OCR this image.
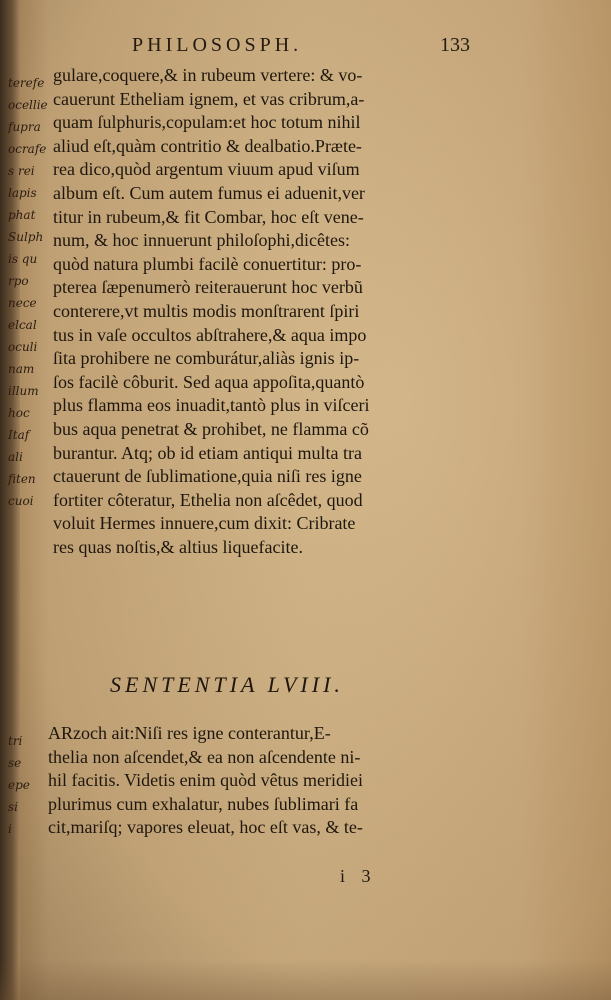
terefe
ocellie
fupra
ocrafe
s rei
lapis
phat
Sulph
is qu
rpo
nece
elcal
oculi
nam
illum
hoc
Itaf
ali
fiten
cuoi
tri
se
epe
si
i
PHILOSOSPH.	133
gulare,coquere,& in rubeum vertere: & vo-
cauerunt Etheliam ignem, et vas cribrum,a-
quam ſulphuris,copulam:et hoc totum nihil
aliud eſt,quàm contritio & dealbatio.Præte-
rea dico,quòd argentum viuum apud viſum
album eſt. Cum autem fumus ei aduenit,ver
titur in rubeum,& fit Combar, hoc eſt vene-
num, & hoc innuerunt philoſophi,dicêtes:
quòd natura plumbi facilè conuertitur: pro-
pterea ſæpenumerò reiterauerunt hoc verbũ
conterere,vt multis modis monſtrarent ſpiri
tus in vaſe occultos abſtrahere,& aqua impo
ſita prohibere ne comburátur,aliàs ignis ip-
ſos facilè côburit. Sed aqua appoſita,quantò
plus flamma eos inuadit,tantò plus in viſceri
bus aqua penetrat & prohibet, ne flamma cõ
burantur. Atq; ob id etiam antiqui multa tra
ctauerunt de ſublimatione,quia niſi res igne
fortiter côteratur, Ethelia non aſcêdet, quod
voluit Hermes innuere,cum dixit: Cribrate
res quas noſtis,& altius liquefacite.
SENTENTIA LVIII.
ARzoch ait:Niſi res igne conterantur,E-
thelia non aſcendet,& ea non aſcendente ni-
hil facitis. Videtis enim quòd vêtus meridiei
plurimus cum exhalatur, nubes ſublimari fa
cit,mariſq; vapores eleuat, hoc eſt vas, & te-
i 3
